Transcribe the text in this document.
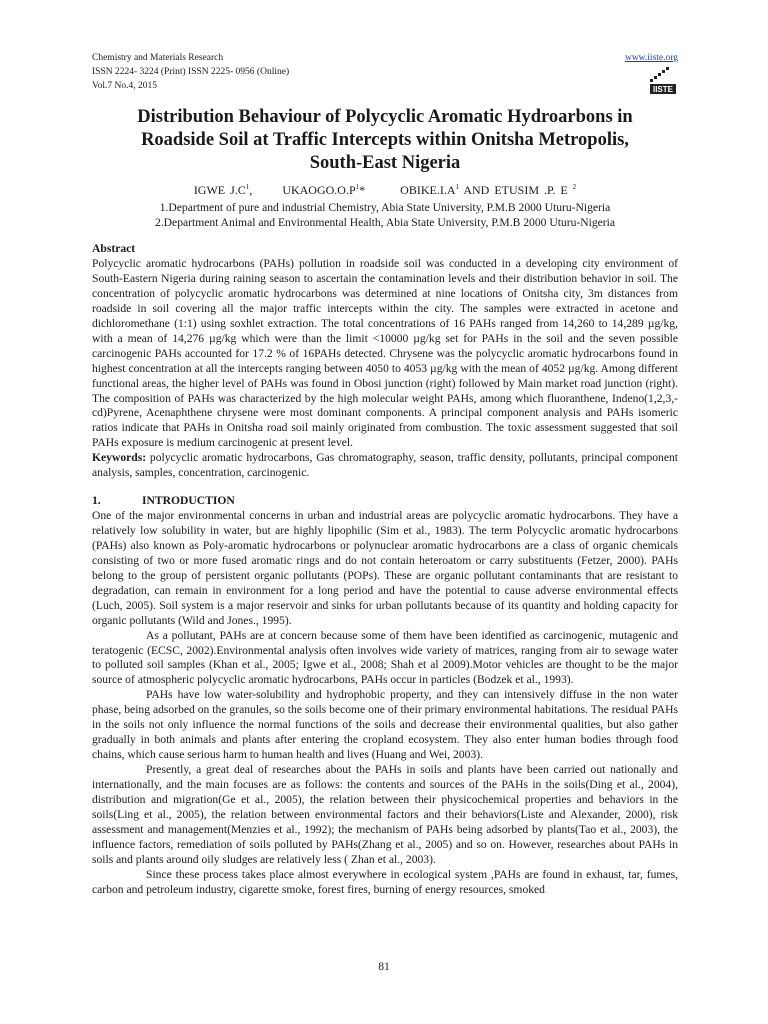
Chemistry and Materials Research
ISSN 2224- 3224 (Print) ISSN 2225- 0956 (Online)
Vol.7 No.4, 2015
www.iiste.org
IISTE
Distribution Behaviour of Polycyclic Aromatic Hydroarbons in
Roadside Soil at Traffic Intercepts within Onitsha Metropolis,
South-East Nigeria
IGWE $J.C^1$,	$UKAOGO.O.P^1*$	$OBIKE.I.A^1$ AND ETUSIM .P. E $^2$
1.Department of pure and industrial Chemistry, Abia State University, P.M.B 2000 Uturu-Nigeria
2.Department Animal and Environmental Health, Abia State University, P.M.B 2000 Uturu-Nigeria

Abstract

Polycyclic aromatic hydrocarbons (PAHs) pollution in roadside soil was conducted in a developing city environment of South-Eastern Nigeria during raining season to ascertain the contamination levels and their distribution behavior in soil. The concentration of polycyclic aromatic hydrocarbons was determined at nine locations of Onitsha city, 3m distances from roadside in soil covering all the major traffic intercepts within the city. The samples were extracted in acetone and dichloromethane (1:1) using soxhlet extraction. The total concentrations of 16 PAHs ranged from 14,260 to 14,289 µg/kg, with a mean of 14,276 µg/kg which were than the limit <10000 µg/kg set for PAHs in the soil and the seven possible carcinogenic PAHs accounted for 17.2 % of 16PAHs detected. Chrysene was the polycyclic aromatic hydrocarbons found in highest concentration at all the intercepts ranging between 4050 to 4053 µg/kg with the mean of 4052 µg/kg. Among different functional areas, the higher level of PAHs was found in Obosi junction (right) followed by Main market road junction (right). The composition of PAHs was characterized by the high molecular weight PAHs, among which fluoranthene, Indeno(1,2,3,-cd)Pyrene, Acenaphthene chrysene were most dominant components. A principal component analysis and PAHs isomeric ratios indicate that PAHs in Onitsha road soil mainly originated from combustion. The toxic assessment suggested that soil PAHs exposure is medium carcinogenic at present level.

Keywords: polycyclic aromatic hydrocarbons, Gas chromatography, season, traffic density, pollutants, principal component analysis, samples, concentration, carcinogenic.

1.	INTRODUCTION

One of the major environmental concerns in urban and industrial areas are polycyclic aromatic hydrocarbons. They have a relatively low solubility in water, but are highly lipophilic (Sim et al., 1983). The term Polycyclic aromatic hydrocarbons (PAHs) also known as Poly-aromatic hydrocarbons or polynuclear aromatic hydrocarbons are a class of organic chemicals consisting of two or more fused aromatic rings and do not contain heteroatom or carry substituents (Fetzer, 2000). PAHs belong to the group of persistent organic pollutants (POPs). These are organic pollutant contaminants that are resistant to degradation, can remain in environment for a long period and have the potential to cause adverse environmental effects (Luch, 2005). Soil system is a major reservoir and sinks for urban pollutants because of its quantity and holding capacity for organic pollutants (Wild and Jones., 1995).

As a pollutant, PAHs are at concern because some of them have been identified as carcinogenic, mutagenic and teratogenic (ECSC, 2002).Environmental analysis often involves wide variety of matrices, ranging from air to sewage water to polluted soil samples (Khan et al., 2005; Igwe et al., 2008; Shah et al 2009).Motor vehicles are thought to be the major source of atmospheric polycyclic aromatic hydrocarbons, PAHs occur in particles (Bodzek et al., 1993).

PAHs have low water-solubility and hydrophobic property, and they can intensively diffuse in the non water phase, being adsorbed on the granules, so the soils become one of their primary environmental habitations. The residual PAHs in the soils not only influence the normal functions of the soils and decrease their environmental qualities, but also gather gradually in both animals and plants after entering the cropland ecosystem. They also enter human bodies through food chains, which cause serious harm to human health and lives (Huang and Wei, 2003).

Presently, a great deal of researches about the PAHs in soils and plants have been carried out nationally and internationally, and the main focuses are as follows: the contents and sources of the PAHs in the soils(Ding et al., 2004), distribution and migration(Ge et al., 2005), the relation between their physicochemical properties and behaviors in the soils(Ling et al., 2005), the relation between environmental factors and their behaviors(Liste and Alexander, 2000), risk assessment and management(Menzies et al., 1992); the mechanism of PAHs being adsorbed by plants(Tao et al., 2003), the influence factors, remediation of soils polluted by PAHs(Zhang et al., 2005) and so on. However, researches about PAHs in soils and plants around oily sludges are relatively less ( Zhan et al., 2003).

Since these process takes place almost everywhere in ecological system ,PAHs are found in exhaust, tar, fumes, carbon and petroleum industry, cigarette smoke, forest fires, burning of energy resources, smoked

81
